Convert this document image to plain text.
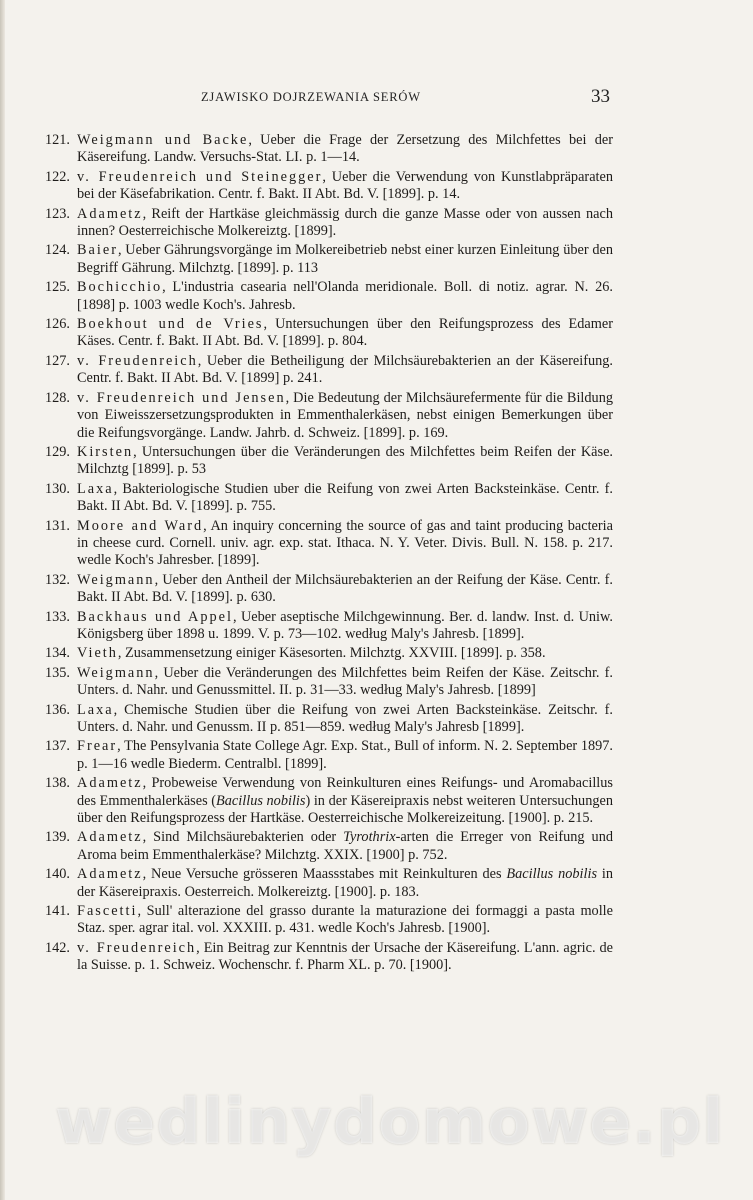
ZJAWISKO DOJRZEWANIA SERÓW	33
121. Weigmann und Backe, Ueber die Frage der Zersetzung des Milchfettes bei der Käsereifung. Landw. Versuchs-Stat. LI. p. 1—14.
122. v. Freudenreich und Steinegger, Ueber die Verwendung von Kunstlabpräparaten bei der Käsefabrikation. Centr. f. Bakt. II Abt. Bd. V. [1899]. p. 14.
123. Adametz, Reift der Hartkäse gleichmässig durch die ganze Masse oder von aussen nach innen? Oesterreichische Molkereiztg. [1899].
124. Baier, Ueber Gährungsvorgänge im Molkereibetrieb nebst einer kurzen Einleitung über den Begriff Gährung. Milchztg. [1899]. p. 113
125. Bochicchio, L'industria casearia nell'Olanda meridionale. Boll. di notiz. agrar. N. 26. [1898] p. 1003 wedle Koch's. Jahresb.
126. Boekhout und de Vries, Untersuchungen über den Reifungsprozess des Edamer Käses. Centr. f. Bakt. II Abt. Bd. V. [1899]. p. 804.
127. v. Freudenreich, Ueber die Betheiligung der Milchsäurebakterien an der Käsereifung. Centr. f. Bakt. II Abt. Bd. V. [1899] p. 241.
128. v. Freudenreich und Jensen, Die Bedeutung der Milchsäurefermente für die Bildung von Eiweisszersetzungsprodukten in Emmenthalerkäsen, nebst einigen Bemerkungen über die Reifungsvorgänge. Landw. Jahrb. d. Schweiz. [1899]. p. 169.
129. Kirsten, Untersuchungen über die Veränderungen des Milchfettes beim Reifen der Käse. Milchztg [1899]. p. 53
130. Laxa, Bakteriologische Studien uber die Reifung von zwei Arten Backsteinkäse. Centr. f. Bakt. II Abt. Bd. V. [1899]. p. 755.
131. Moore and Ward, An inquiry concerning the source of gas and taint producing bacteria in cheese curd. Cornell. univ. agr. exp. stat. Ithaca. N. Y. Veter. Divis. Bull. N. 158. p. 217. wedle Koch's Jahresber. [1899].
132. Weigmann, Ueber den Antheil der Milchsäurebakterien an der Reifung der Käse. Centr. f. Bakt. II Abt. Bd. V. [1899]. p. 630.
133. Backhaus und Appel, Ueber aseptische Milchgewinnung. Ber. d. landw. Inst. d. Uniw. Königsberg über 1898 u. 1899. V. p. 73—102. według Maly's Jahresb. [1899].
134. Vieth, Zusammensetzung einiger Käsesorten. Milchztg. XXVIII. [1899]. p. 358.
135. Weigmann, Ueber die Veränderungen des Milchfettes beim Reifen der Käse. Zeitschr. f. Unters. d. Nahr. und Genussmittel. II. p. 31—33. według Maly's Jahresb. [1899]
136. Laxa, Chemische Studien über die Reifung von zwei Arten Backsteinkäse. Zeitschr. f. Unters. d. Nahr. und Genussm. II p. 851—859. według Maly's Jahresb [1899].
137. Frear, The Pensylvania State College Agr. Exp. Stat., Bull of inform. N. 2. September 1897. p. 1—16 wedle Biederm. Centralbl. [1899].
138. Adametz, Probeweise Verwendung von Reinkulturen eines Reifungs- und Aromabacillus des Emmenthalerkäses (Bacillus nobilis) in der Käsereipraxis nebst weiteren Untersuchungen über den Reifungsprozess der Hartkäse. Oesterreichische Molkereizeitung. [1900]. p. 215.
139. Adametz, Sind Milchsäurebakterien oder Tyrothrix-arten die Erreger von Reifung und Aroma beim Emmenthalerkäse? Milchztg. XXIX. [1900] p. 752.
140. Adametz, Neue Versuche grösseren Maassstabes mit Reinkulturen des Bacillus nobilis in der Käsereipraxis. Oesterreich. Molkereiztg. [1900]. p. 183.
141. Fascetti, Sull' alterazione del grasso durante la maturazione dei formaggi a pasta molle Staz. sper. agrar ital. vol. XXXIII. p. 431. wedle Koch's Jahresb. [1900].
142. v. Freudenreich, Ein Beitrag zur Kenntnis der Ursache der Käsereifung. L'ann. agric. de la Suisse. p. 1. Schweiz. Wochenschr. f. Pharm XL. p. 70. [1900].
wedlinydomowe.pl
